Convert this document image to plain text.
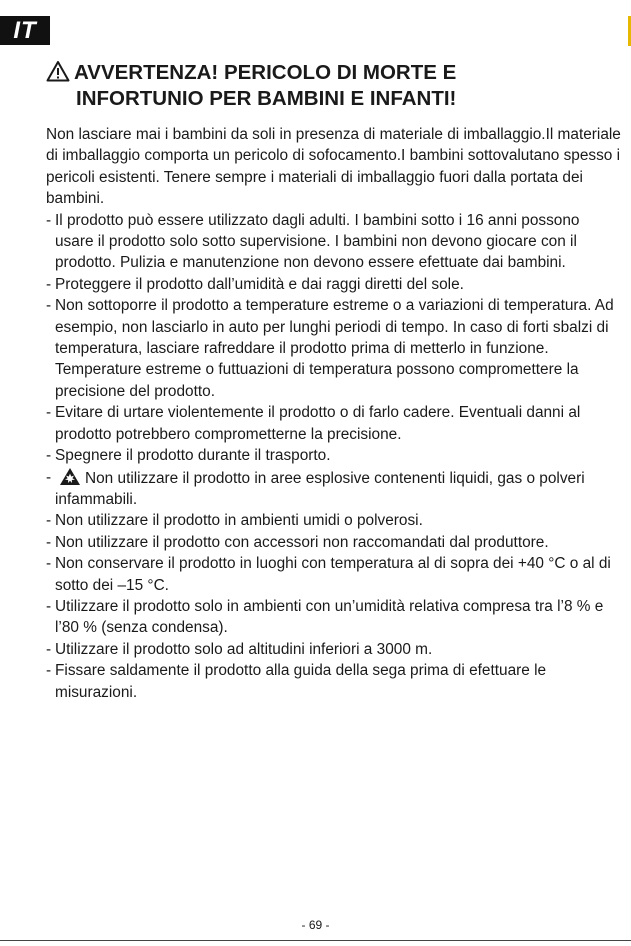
IT
AVVERTENZA! PERICOLO DI MORTE E
INFORTUNIO PER BAMBINI E INFANTI!

Non lasciare mai i bambini da soli in presenza di materiale di imballaggio.Il materiale di imballaggio comporta un pericolo di sofocamento.I bambini sottovalutano spesso i pericoli esistenti. Tenere sempre i materiali di imballaggio fuori dalla portata dei bambini.

- Il prodotto può essere utilizzato dagli adulti. I bambini sotto i 16 anni possono usare il prodotto solo sotto supervisione. I bambini non devono giocare con il prodotto. Pulizia e manutenzione non devono essere efettuate dai bambini.
- Proteggere il prodotto dall’umidità e dai raggi diretti del sole.
- Non sottoporre il prodotto a temperature estreme o a variazioni di temperatura. Ad esempio, non lasciarlo in auto per lunghi periodi di tempo. In caso di forti sbalzi di temperatura, lasciare rafreddare il prodotto prima di metterlo in funzione. Temperature estreme o futtuazioni di temperatura possono compromettere la precisione del prodotto.
- Evitare di urtare violentemente il prodotto o di farlo cadere. Eventuali danni al prodotto potrebbero comprometterne la precisione.
- Spegnere il prodotto durante il trasporto.
- Non utilizzare il prodotto in aree esplosive contenenti liquidi, gas o polveri infammabili.
- Non utilizzare il prodotto in ambienti umidi o polverosi.
- Non utilizzare il prodotto con accessori non raccomandati dal produttore.
- Non conservare il prodotto in luoghi con temperatura al di sopra dei +40 °C o al di sotto dei –15 °C.
- Utilizzare il prodotto solo in ambienti con un’umidità relativa compresa tra l’8 % e l’80 % (senza condensa).
- Utilizzare il prodotto solo ad altitudini inferiori a 3000 m.
- Fissare saldamente il prodotto alla guida della sega prima di efettuare le misurazioni.
- 69 -
